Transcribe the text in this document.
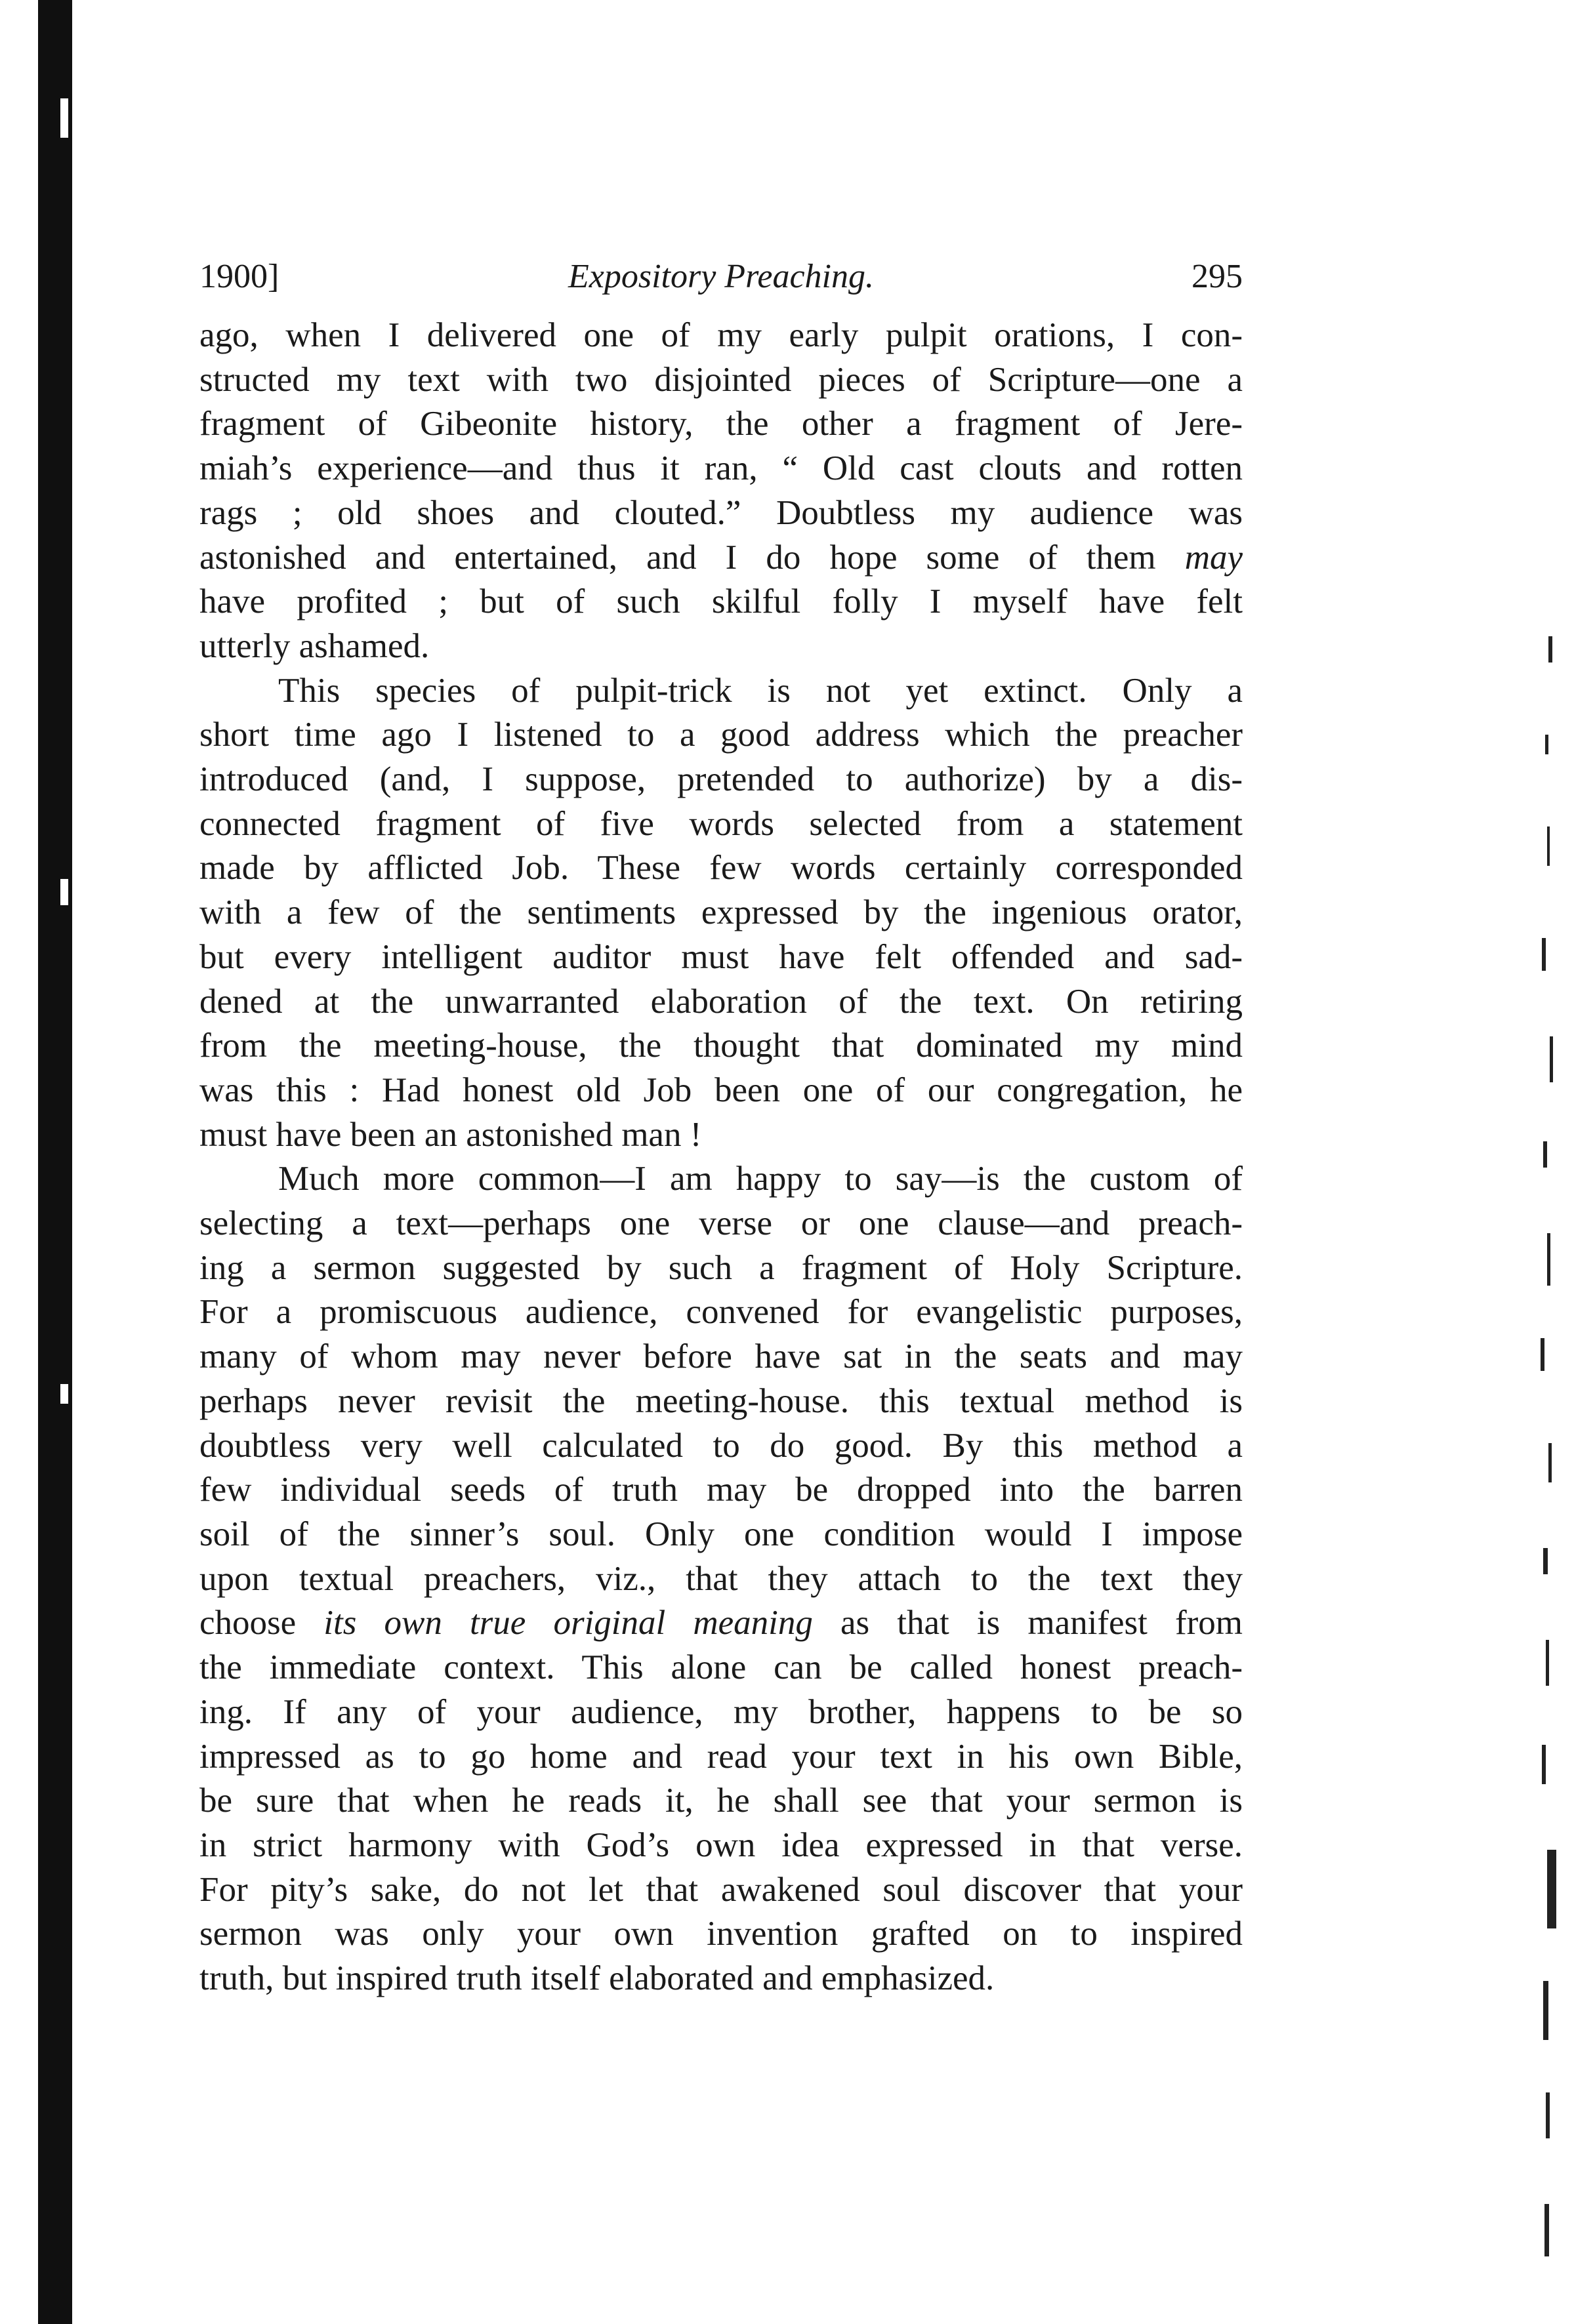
1900]	Expository Preaching.	295

ago, when I delivered one of my early pulpit orations, I con-
structed my text with two disjointed pieces of Scripture—one a
fragment of Gibeonite history, the other a fragment of Jere-
miah’s experience—and thus it ran, “ Old cast clouts and rotten
rags ; old shoes and clouted.” Doubtless my audience was
astonished and entertained, and I do hope some of them may
have profited ; but of such skilful folly I myself have felt
utterly ashamed.

This species of pulpit-trick is not yet extinct. Only a
short time ago I listened to a good address which the preacher
introduced (and, I suppose, pretended to authorize) by a dis-
connected fragment of five words selected from a statement
made by afflicted Job. These few words certainly corresponded
with a few of the sentiments expressed by the ingenious orator,
but every intelligent auditor must have felt offended and sad-
dened at the unwarranted elaboration of the text. On retiring
from the meeting-house, the thought that dominated my mind
was this : Had honest old Job been one of our congregation, he
must have been an astonished man !

Much more common—I am happy to say—is the custom of
selecting a text—perhaps one verse or one clause—and preach-
ing a sermon suggested by such a fragment of Holy Scripture.
For a promiscuous audience, convened for evangelistic purposes,
many of whom may never before have sat in the seats and may
perhaps never revisit the meeting-house. this textual method is
doubtless very well calculated to do good. By this method a
few individual seeds of truth may be dropped into the barren
soil of the sinner’s soul. Only one condition would I impose
upon textual preachers, viz., that they attach to the text they
choose its own true original meaning as that is manifest from
the immediate context. This alone can be called honest preach-
ing. If any of your audience, my brother, happens to be so
impressed as to go home and read your text in his own Bible,
be sure that when he reads it, he shall see that your sermon is
in strict harmony with God’s own idea expressed in that verse.
For pity’s sake, do not let that awakened soul discover that your
sermon was only your own invention grafted on to inspired
truth, but inspired truth itself elaborated and emphasized.
